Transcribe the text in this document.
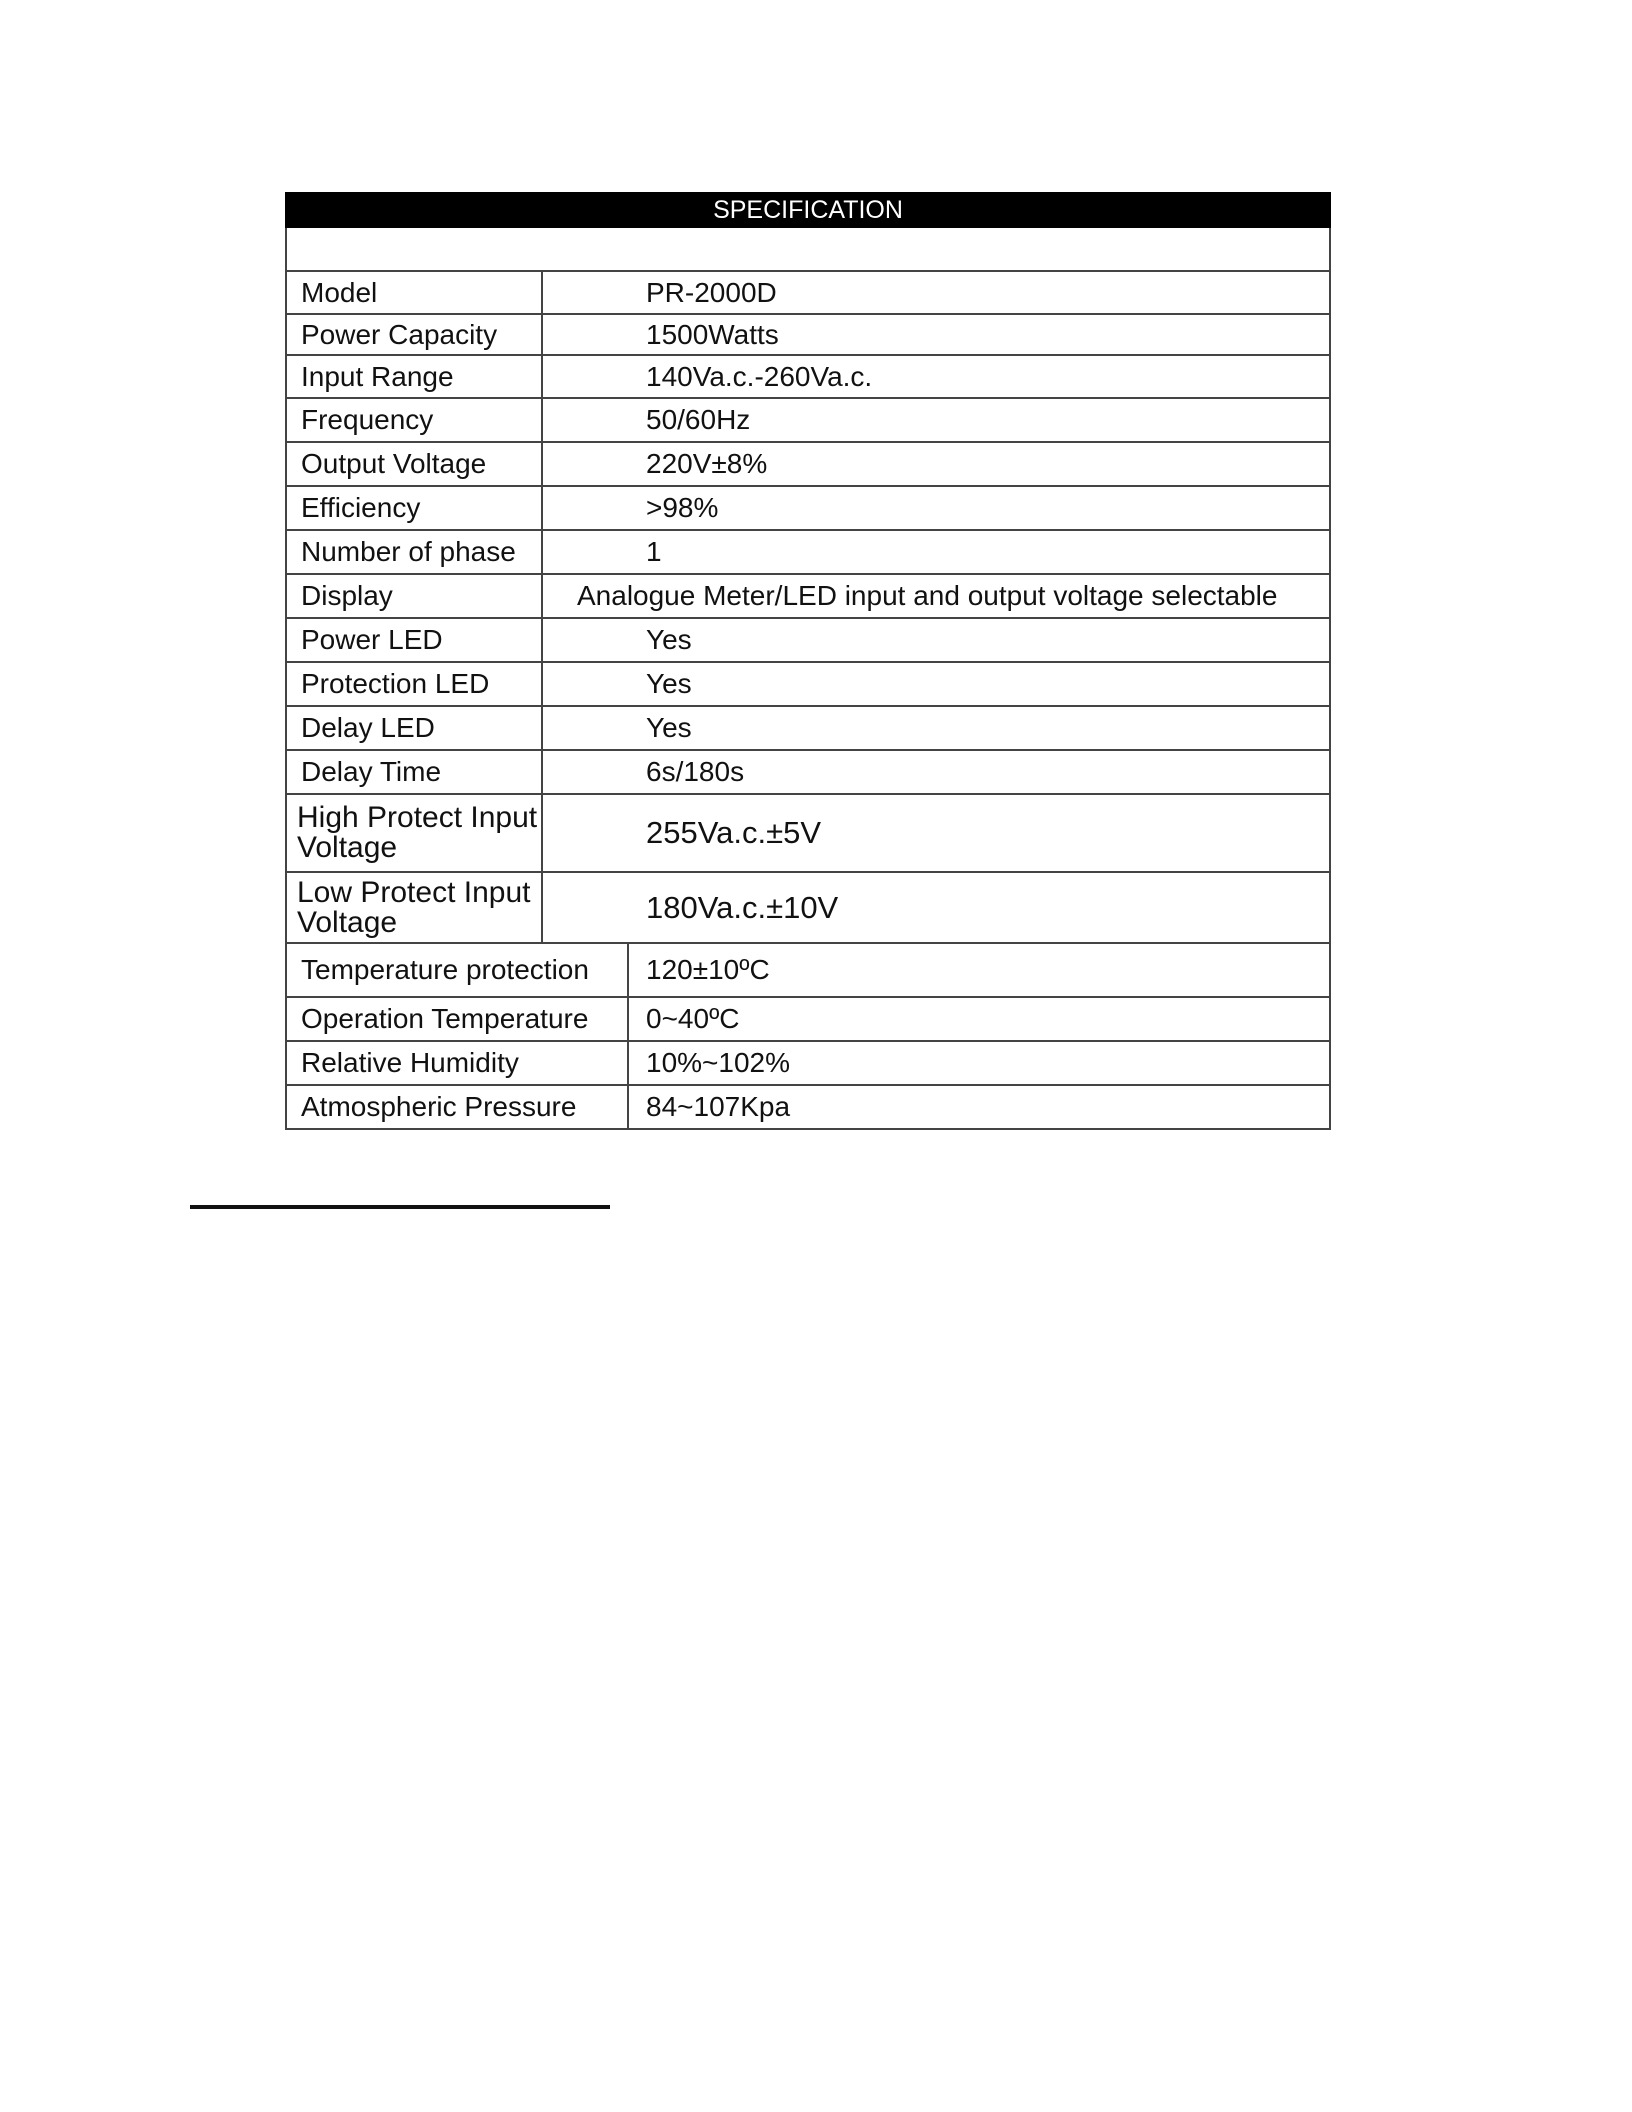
SPECIFICATION
Model	PR-2000D
Power Capacity	1500Watts
Input Range	140Va.c.-260Va.c.
Frequency	50/60Hz
Output Voltage	220V±8%
Efficiency	>98%
Number of phase	1
Display	Analogue Meter/LED input and output voltage selectable
Power LED	Yes
Protection LED	Yes
Delay LED	Yes
Delay Time	6s/180s
High Protect Input Voltage	255Va.c.±5V
Low Protect Input Voltage	180Va.c.±10V
Temperature protection	120±10ºC
Operation Temperature	0~40ºC
Relative Humidity	10%~102%
Atmospheric Pressure	84~107Kpa
